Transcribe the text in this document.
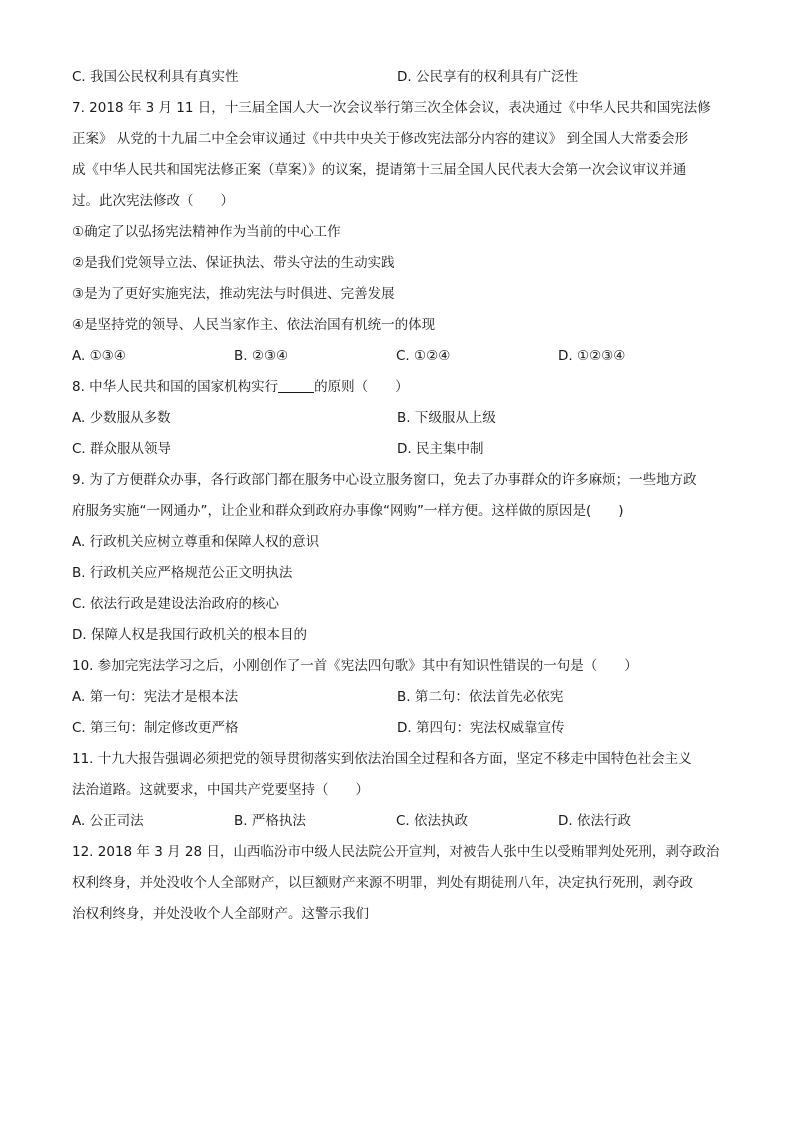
C. 我国公民权利具有真实性	D. 公民享有的权利具有广泛性
7. 2018 年 3 月 11 日，十三届全国人大一次会议举行第三次全体会议，表决通过《中华人民共和国宪法修
正案》 从党的十九届二中全会审议通过《中共中央关于修改宪法部分内容的建议》 到全国人大常委会形
成《中华人民共和国宪法修正案（草案）》的议案，提请第十三届全国人民代表大会第一次会议审议并通
过。此次宪法修改（　　）
①确定了以弘扬宪法精神作为当前的中心工作
②是我们党领导立法、保证执法、带头守法的生动实践
③是为了更好实施宪法，推动宪法与时俱进、完善发展
④是坚持党的领导、人民当家作主、依法治国有机统一的体现
A. ①③④	B. ②③④	C. ①②④	D. ①②③④
8. 中华人民共和国的国家机构实行	的原则（　　）
A. 少数服从多数	B. 下级服从上级
C. 群众服从领导	D. 民主集中制
9. 为了方便群众办事，各行政部门都在服务中心设立服务窗口，免去了办事群众的许多麻烦；一些地方政
府服务实施“一网通办”，让企业和群众到政府办事像“网购”一样方便。这样做的原因是(　　)
A. 行政机关应树立尊重和保障人权的意识
B. 行政机关应严格规范公正文明执法
C. 依法行政是建设法治政府的核心
D. 保障人权是我国行政机关的根本目的
10. 参加完宪法学习之后，小刚创作了一首《宪法四句歌》其中有知识性错误的一句是（　　）
A. 第一句：宪法才是根本法	B. 第二句：依法首先必依宪
C. 第三句：制定修改更严格	D. 第四句：宪法权威靠宣传
11. 十九大报告强调必须把党的领导贯彻落实到依法治国全过程和各方面，坚定不移走中国特色社会主义
法治道路。这就要求，中国共产党要坚持（　　）
A. 公正司法	B. 严格执法	C. 依法执政	D. 依法行政
12. 2018 年 3 月 28 日，山西临汾市中级人民法院公开宣判，对被告人张中生以受贿罪判处死刑，剥夺政治
权利终身，并处没收个人全部财产，以巨额财产来源不明罪，判处有期徒刑八年，决定执行死刑，剥夺政
治权利终身，并处没收个人全部财产。这警示我们
